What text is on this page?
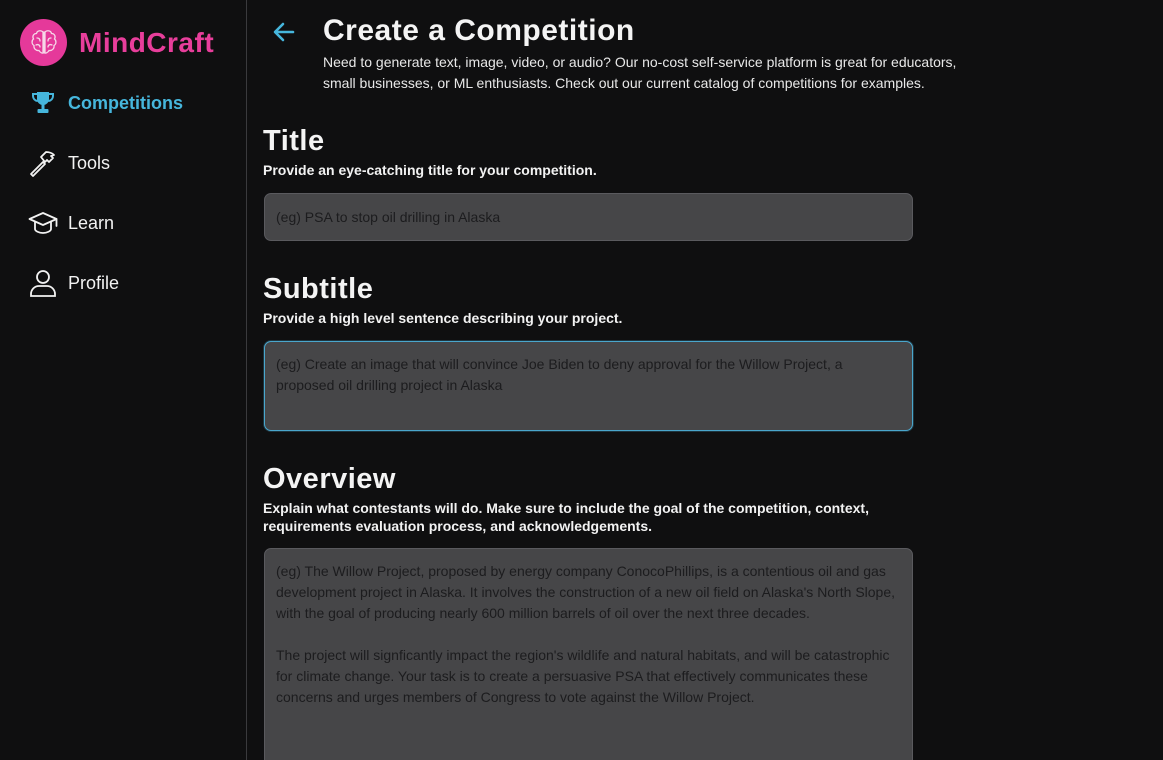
MindCraft
Competitions
Tools
Learn
Profile
Create a Competition

Need to generate text, image, video, or audio? Our no-cost self-service platform is great for educators, small businesses, or ML enthusiasts. Check out our current catalog of competitions for examples.

Title

Provide an eye-catching title for your competition.

(eg) PSA to stop oil drilling in Alaska
Subtitle

Provide a high level sentence describing your project.

(eg) Create an image that will convince Joe Biden to deny approval for the Willow Project, a proposed oil drilling project in Alaska
Overview

Explain what contestants will do. Make sure to include the goal of the competition, context, requirements evaluation process, and acknowledgements.

(eg) The Willow Project, proposed by energy company ConocoPhillips, is a contentious oil and gas development project in Alaska. It involves the construction of a new oil field on Alaska's North Slope, with the goal of producing nearly 600 million barrels of oil over the next three decades. The project will signficantly impact the region's wildlife and natural habitats, and will be catastrophic for climate change. Your task is to create a persuasive PSA that effectively communicates these concerns and urges members of Congress to vote against the Willow Project.
